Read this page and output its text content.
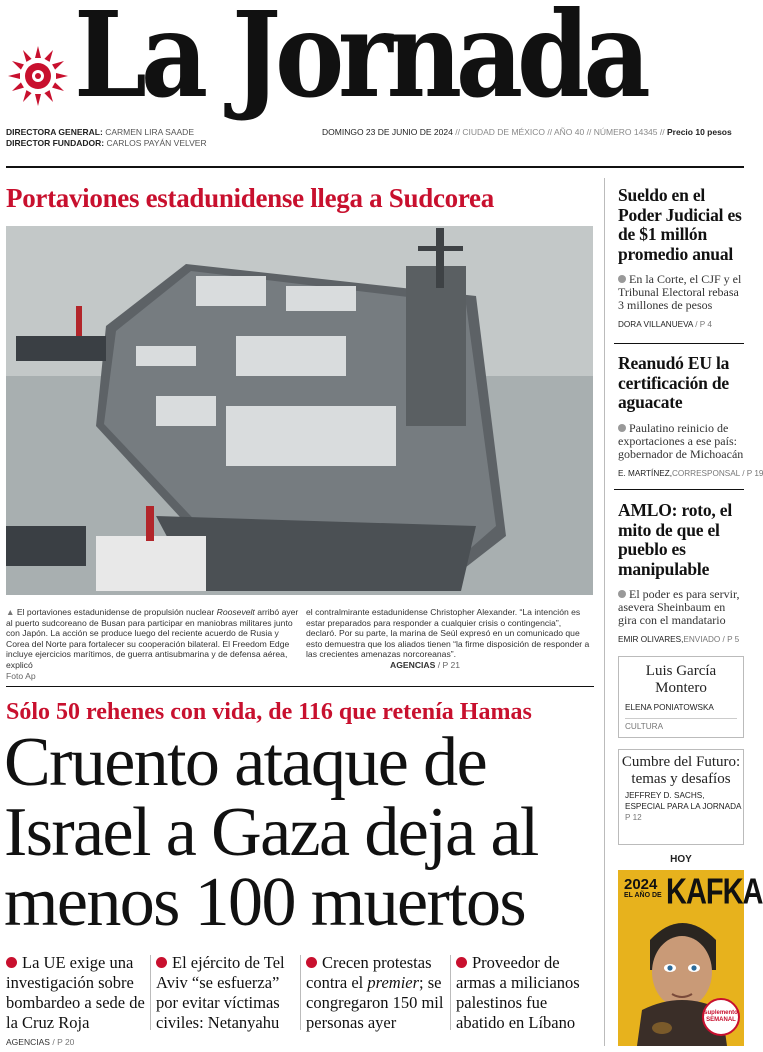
La Jornada
DIRECTORA GENERAL: CARMEN LIRA SAADE
DIRECTOR FUNDADOR: CARLOS PAYÁN VELVER
DOMINGO 23 DE JUNIO DE 2024 // CIUDAD DE MÉXICO // AÑO 40 // NÚMERO 14345 // Precio 10 pesos
Portaviones estadunidense llega a Sudcorea
▲ El portaviones estadunidense de propulsión nuclear Roosevelt arribó ayer al puerto sudcoreano de Busan para participar en maniobras militares junto con Japón. La acción se produce luego del reciente acuerdo de Rusia y Corea del Norte para fortalecer su cooperación bilateral. El Freedom Edge incluye ejercicios marítimos, de guerra antisubmarina y de defensa aérea, explicó
Foto Ap
el contralmirante estadunidense Christopher Alexander. “La intención es estar preparados para responder a cualquier crisis o contingencia”, declaró. Por su parte, la marina de Seúl expresó en un comunicado que esto demuestra que los aliados tienen “la firme disposición de responder a las crecientes amenazas norcoreanas”.
AGENCIAS / P 21
Sólo 50 rehenes con vida, de 116 que retenía Hamas
Cruento ataque de
Israel a Gaza deja al
menos 100 muertos
La UE exige una investigación sobre bombardeo a sede de la Cruz Roja
El ejército de Tel Aviv “se esfuerza” por evitar víctimas civiles: Netanyahu
Crecen protestas contra el premier; se congregaron 150 mil personas ayer
Proveedor de armas a milicianos palestinos fue abatido en Líbano
AGENCIAS / P 20
Sueldo en el Poder Judicial es de $1 millón promedio anual
En la Corte, el CJF y el Tribunal Electoral rebasa 3 millones de pesos
DORA VILLANUEVA / P 4
Reanudó EU la certificación de aguacate
Paulatino reinicio de exportaciones a ese país: gobernador de Michoacán
E. MARTÍNEZ,CORRESPONSAL / P 19
AMLO: roto, el mito de que el pueblo es manipulable
El poder es para servir, asevera Sheinbaum en gira con el mandatario
EMIR OLIVARES,ENVIADO / P 5
Luis García Montero
ELENA PONIATOWSKA
CULTURA
Cumbre del Futuro: temas y desafíos
JEFFREY D. SACHS, ESPECIAL PARA LA JORNADA
P 12
HOY
2024
EL AÑO DE KAFKA
suplemento SEMANAL
